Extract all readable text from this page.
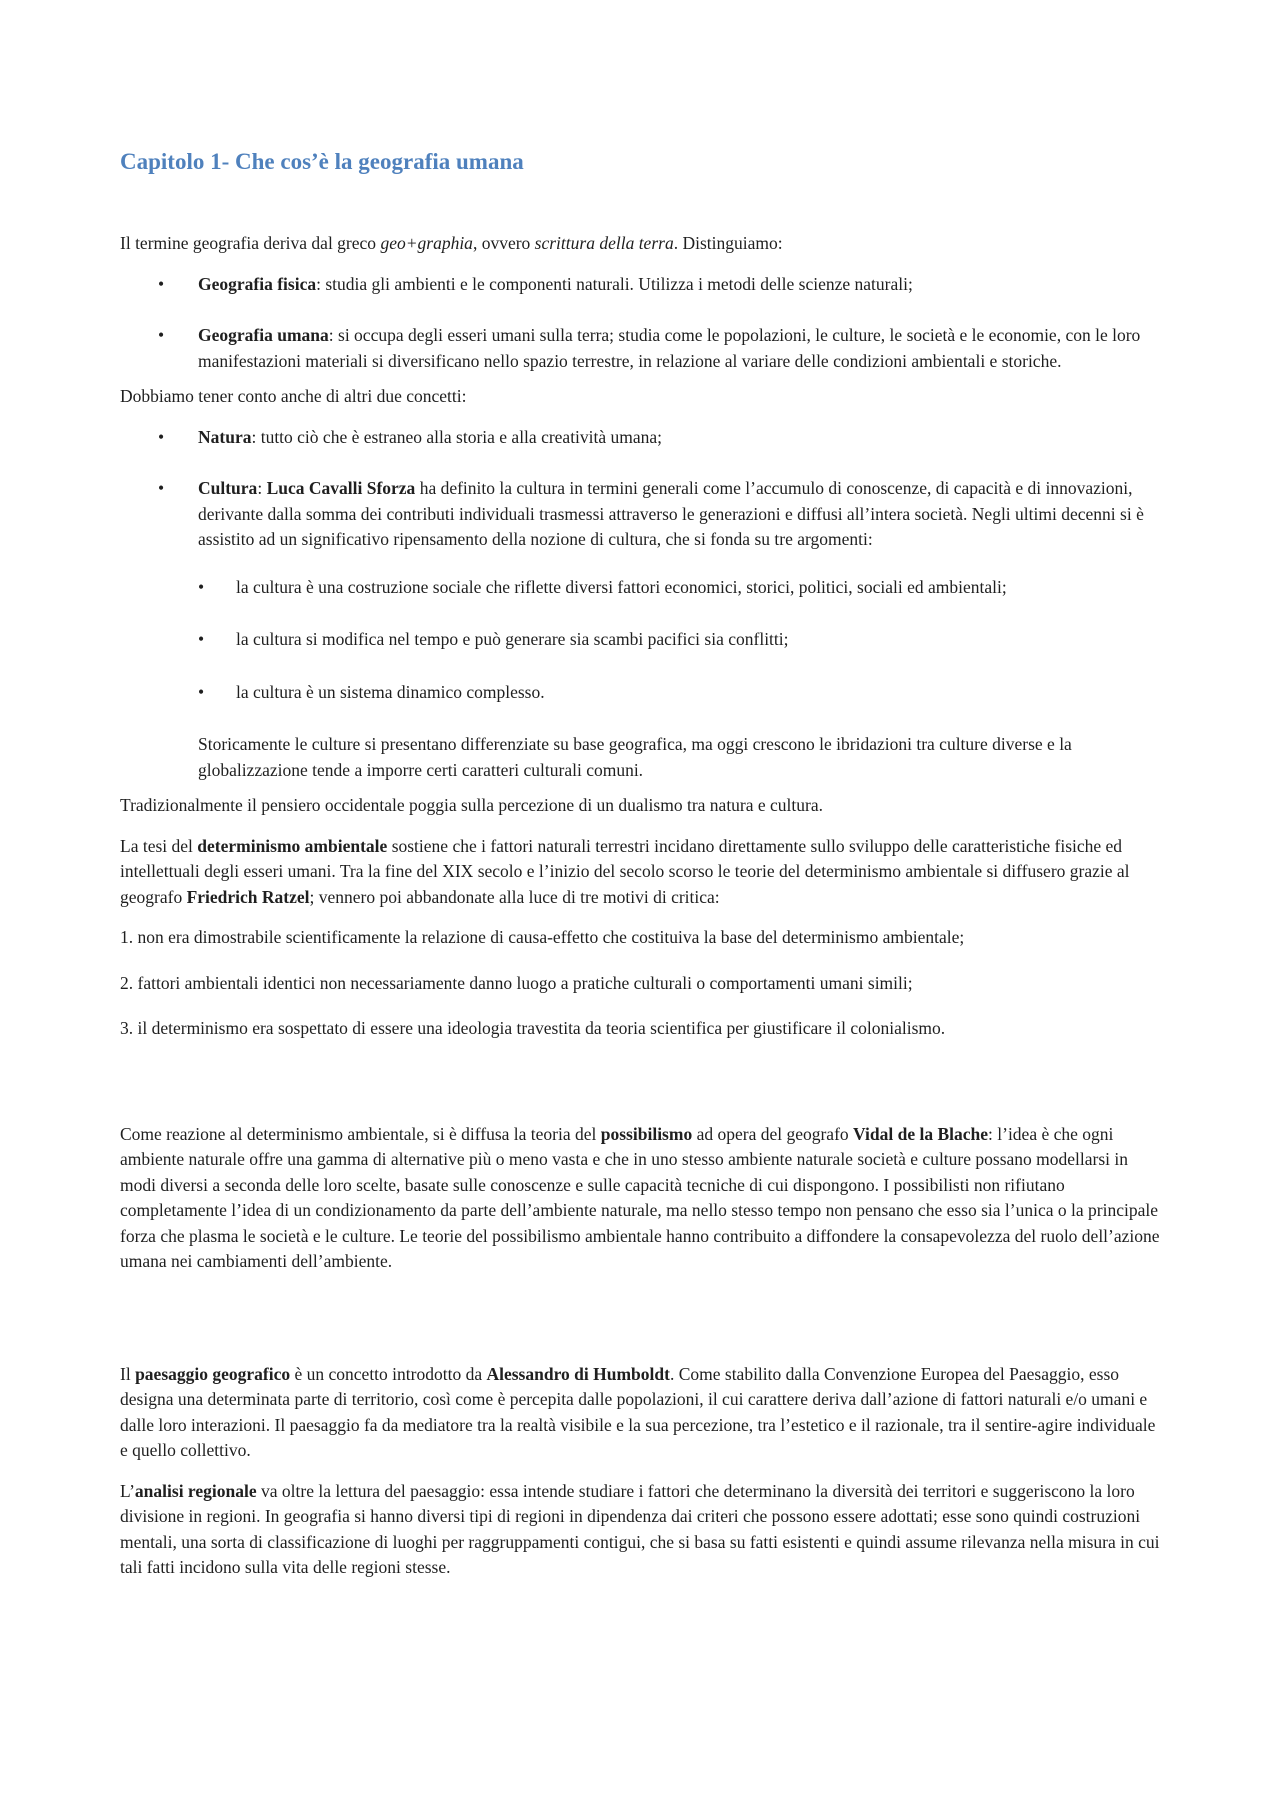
Capitolo 1- Che cos’è la geografia umana

Il termine geografia deriva dal greco geo+graphia, ovvero scrittura della terra. Distinguiamo:

• Geografia fisica: studia gli ambienti e le componenti naturali. Utilizza i metodi delle scienze naturali;
• Geografia umana: si occupa degli esseri umani sulla terra; studia come le popolazioni, le culture, le società e le economie, con le loro manifestazioni materiali si diversificano nello spazio terrestre, in relazione al variare delle condizioni ambientali e storiche.

Dobbiamo tener conto anche di altri due concetti:

• Natura: tutto ciò che è estraneo alla storia e alla creatività umana;
• Cultura: Luca Cavalli Sforza ha definito la cultura in termini generali come l’accumulo di conoscenze, di capacità e di innovazioni, derivante dalla somma dei contributi individuali trasmessi attraverso le generazioni e diffusi all’intera società. Negli ultimi decenni si è assistito ad un significativo ripensamento della nozione di cultura, che si fonda su tre argomenti:
• la cultura è una costruzione sociale che riflette diversi fattori economici, storici, politici, sociali ed ambientali;
• la cultura si modifica nel tempo e può generare sia scambi pacifici sia conflitti;
• la cultura è un sistema dinamico complesso.

Storicamente le culture si presentano differenziate su base geografica, ma oggi crescono le ibridazioni tra culture diverse e la globalizzazione tende a imporre certi caratteri culturali comuni.

Tradizionalmente il pensiero occidentale poggia sulla percezione di un dualismo tra natura e cultura.

La tesi del determinismo ambientale sostiene che i fattori naturali terrestri incidano direttamente sullo sviluppo delle caratteristiche fisiche ed intellettuali degli esseri umani. Tra la fine del XIX secolo e l’inizio del secolo scorso le teorie del determinismo ambientale si diffusero grazie al geografo Friedrich Ratzel; vennero poi abbandonate alla luce di tre motivi di critica:

1. non era dimostrabile scientificamente la relazione di causa-effetto che costituiva la base del determinismo ambientale;

2. fattori ambientali identici non necessariamente danno luogo a pratiche culturali o comportamenti umani simili;

3. il determinismo era sospettato di essere una ideologia travestita da teoria scientifica per giustificare il colonialismo.

Come reazione al determinismo ambientale, si è diffusa la teoria del possibilismo ad opera del geografo Vidal de la Blache: l’idea è che ogni ambiente naturale offre una gamma di alternative più o meno vasta e che in uno stesso ambiente naturale società e culture possano modellarsi in modi diversi a seconda delle loro scelte, basate sulle conoscenze e sulle capacità tecniche di cui dispongono. I possibilisti non rifiutano completamente l’idea di un condizionamento da parte dell’ambiente naturale, ma nello stesso tempo non pensano che esso sia l’unica o la principale forza che plasma le società e le culture. Le teorie del possibilismo ambientale hanno contribuito a diffondere la consapevolezza del ruolo dell’azione umana nei cambiamenti dell’ambiente.

Il paesaggio geografico è un concetto introdotto da Alessandro di Humboldt. Come stabilito dalla Convenzione Europea del Paesaggio, esso designa una determinata parte di territorio, così come è percepita dalle popolazioni, il cui carattere deriva dall’azione di fattori naturali e/o umani e dalle loro interazioni. Il paesaggio fa da mediatore tra la realtà visibile e la sua percezione, tra l’estetico e il razionale, tra il sentire-agire individuale e quello collettivo.

L’analisi regionale va oltre la lettura del paesaggio: essa intende studiare i fattori che determinano la diversità dei territori e suggeriscono la loro divisione in regioni. In geografia si hanno diversi tipi di regioni in dipendenza dai criteri che possono essere adottati; esse sono quindi costruzioni mentali, una sorta di classificazione di luoghi per raggruppamenti contigui, che si basa su fatti esistenti e quindi assume rilevanza nella misura in cui tali fatti incidono sulla vita delle regioni stesse.
